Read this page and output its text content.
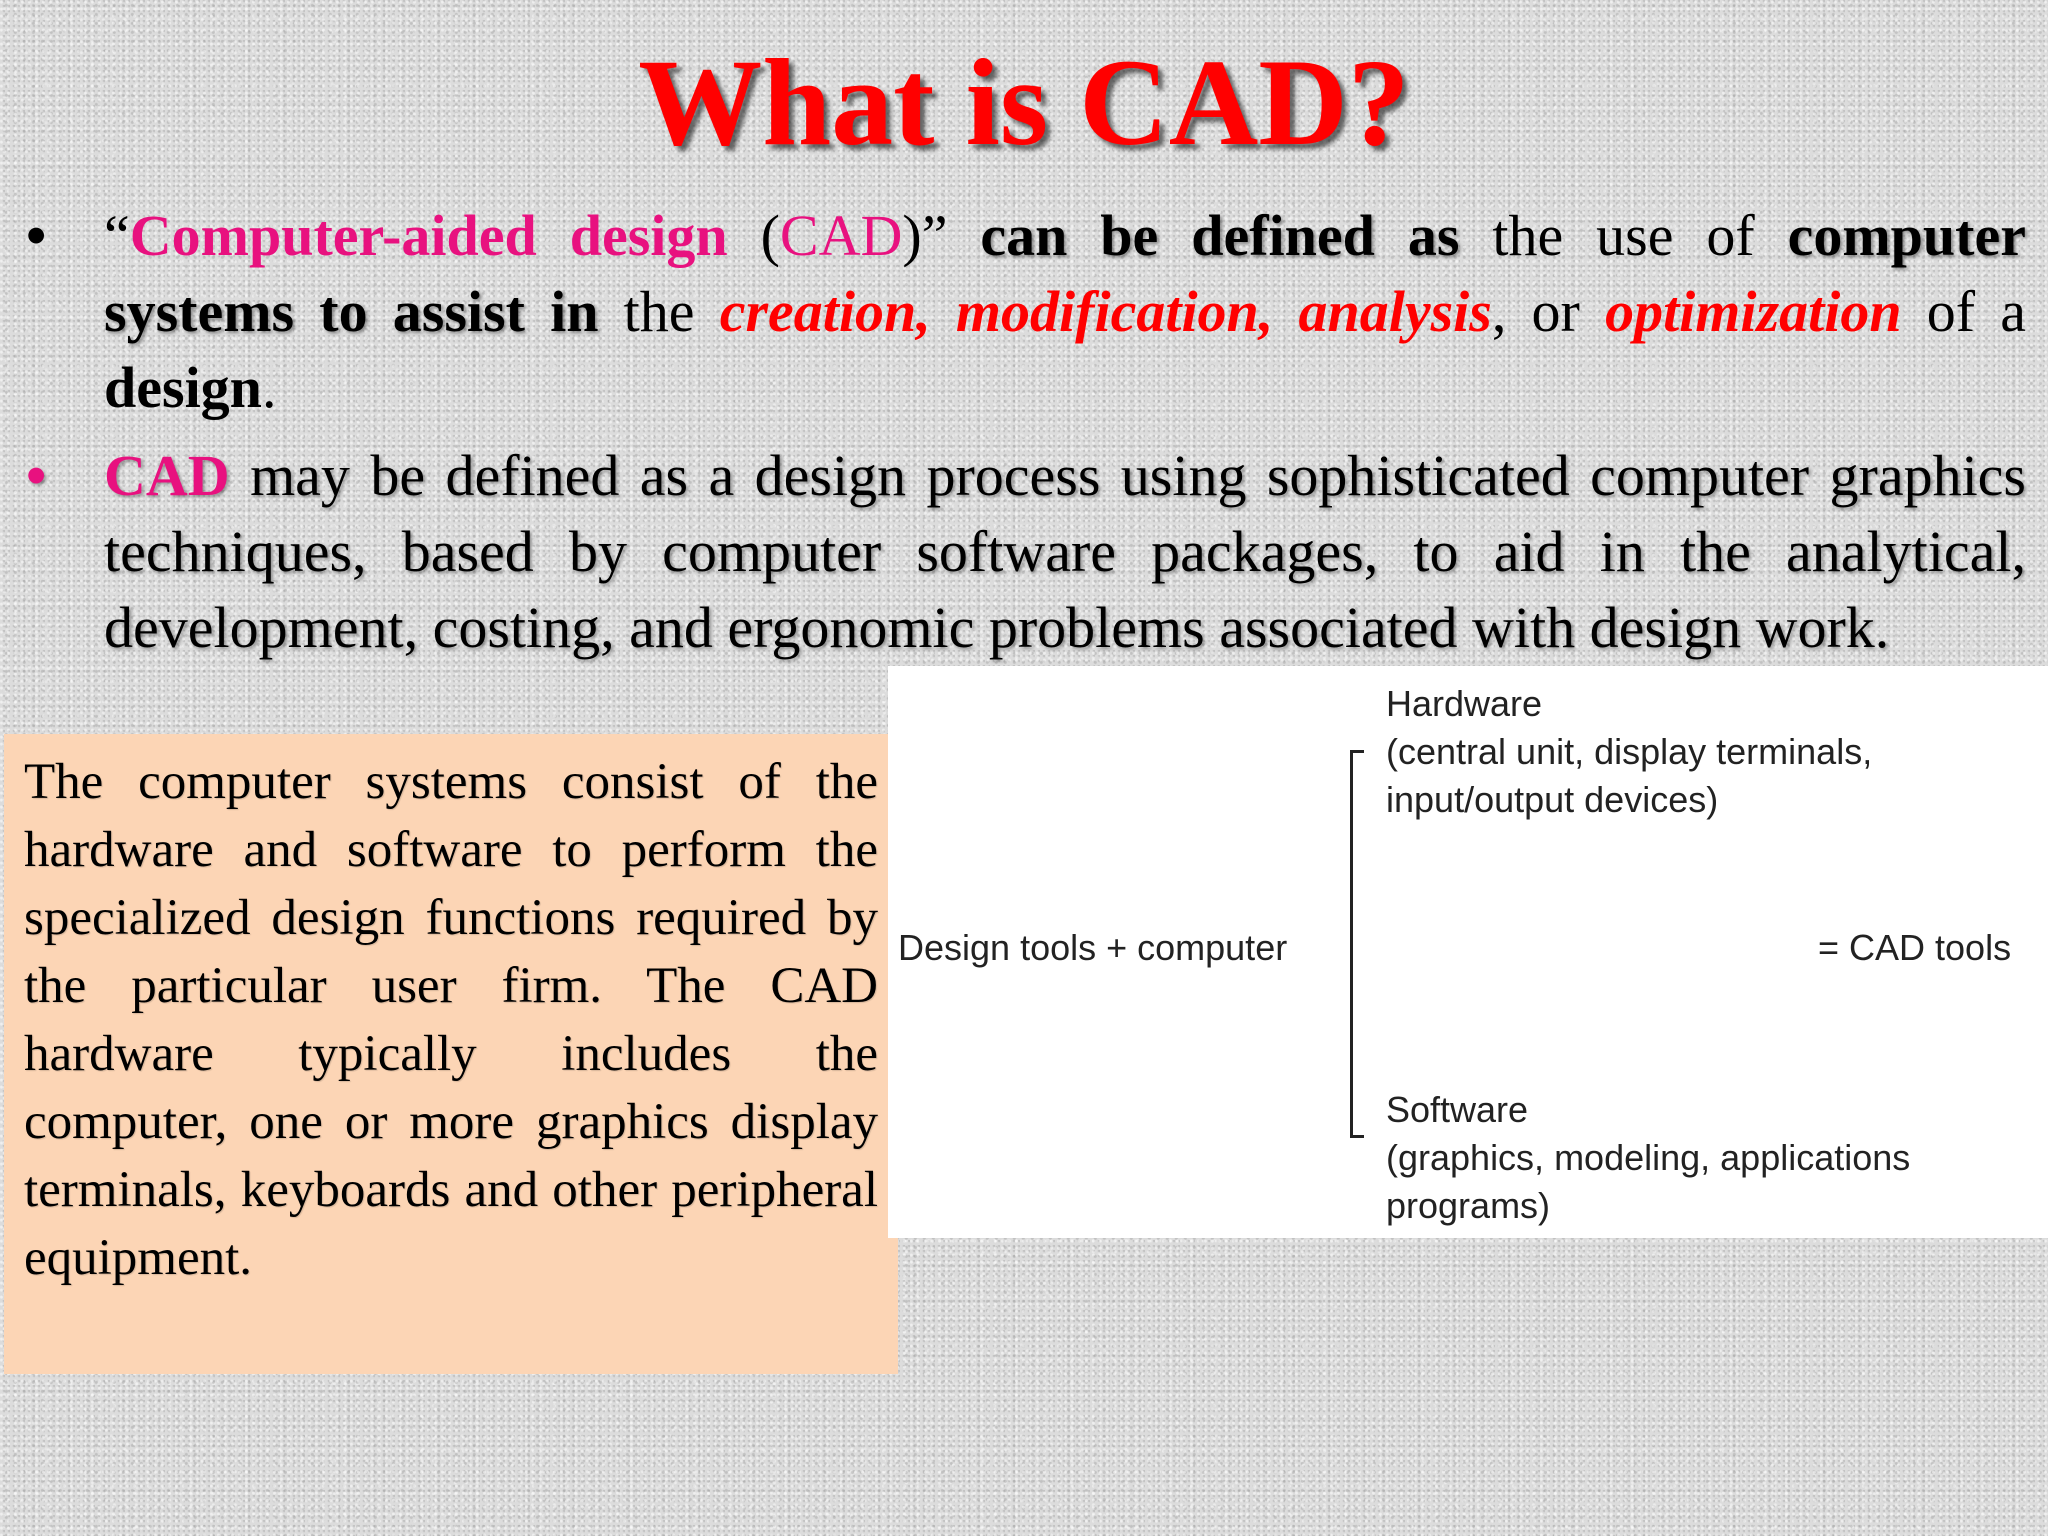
What is CAD?
• “Computer-aided design (CAD)” can be defined as the use of computer systems to assist in the creation, modification, analysis, or optimization of a design.
• CAD may be defined as a design process using sophisticated computer graphics techniques, based by computer software packages, to aid in the analytical, development, costing, and ergonomic problems associated with design work.

The computer systems consist of the hardware and software to perform the specialized design functions required by the particular user firm. The CAD hardware typically includes the computer, one or more graphics display terminals, keyboards and other peripheral equipment.

Hardware
(central unit, display terminals,
input/output devices)
Design tools + computer	= CAD tools
Software
(graphics, modeling, applications
programs)
